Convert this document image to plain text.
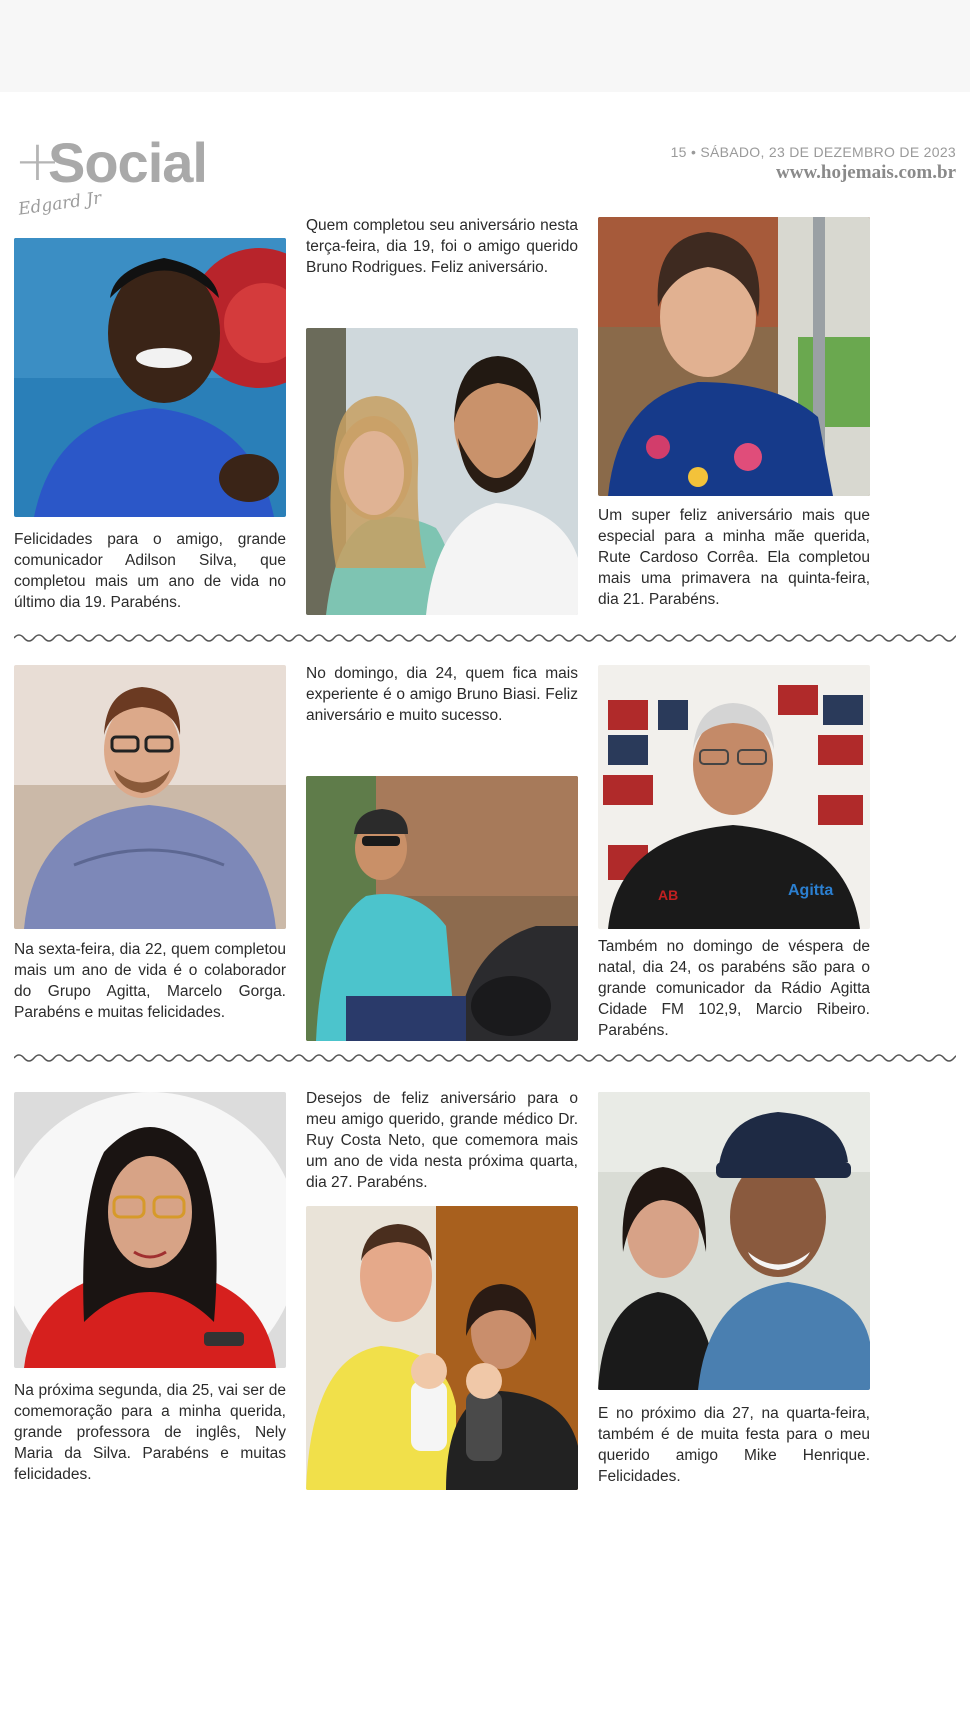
+
Social
Edgard Jr
15 • SÁBADO, 23 DE DEZEMBRO DE 2023
www.hojemais.com.br
Felicidades para o amigo, grande comunicador Adilson Silva, que completou mais um ano de vida no último dia 19. Parabéns.
Quem completou seu aniversário nesta terça-feira, dia 19, foi o amigo querido Bruno Rodrigues. Feliz aniversário.
Um super feliz aniversário mais que especial para a minha mãe querida, Rute Cardoso Corrêa. Ela completou mais uma primavera na quinta-feira, dia 21. Parabéns.
Na sexta-feira, dia 22, quem completou mais um ano de vida é o colaborador do Grupo Agitta, Marcelo Gorga. Parabéns e muitas felicidades.
No domingo, dia 24, quem fica mais experiente é o amigo Bruno Biasi. Feliz aniversário e muito sucesso.
AB	Agitta
Também no domingo de véspera de natal, dia 24, os parabéns são para o grande comunicador da Rádio Agitta Cidade FM 102,9, Marcio Ribeiro. Parabéns.
Na próxima segunda, dia 25, vai ser de comemoração para a minha querida, grande professora de inglês, Nely Maria da Silva. Parabéns e muitas felicidades.
Desejos de feliz aniversário para o meu amigo querido, grande médico Dr. Ruy Costa Neto, que comemora mais um ano de vida nesta próxima quarta, dia 27. Parabéns.
E no próximo dia 27, na quarta-feira, também é de muita festa para o meu querido amigo Mike Henrique. Felicidades.
